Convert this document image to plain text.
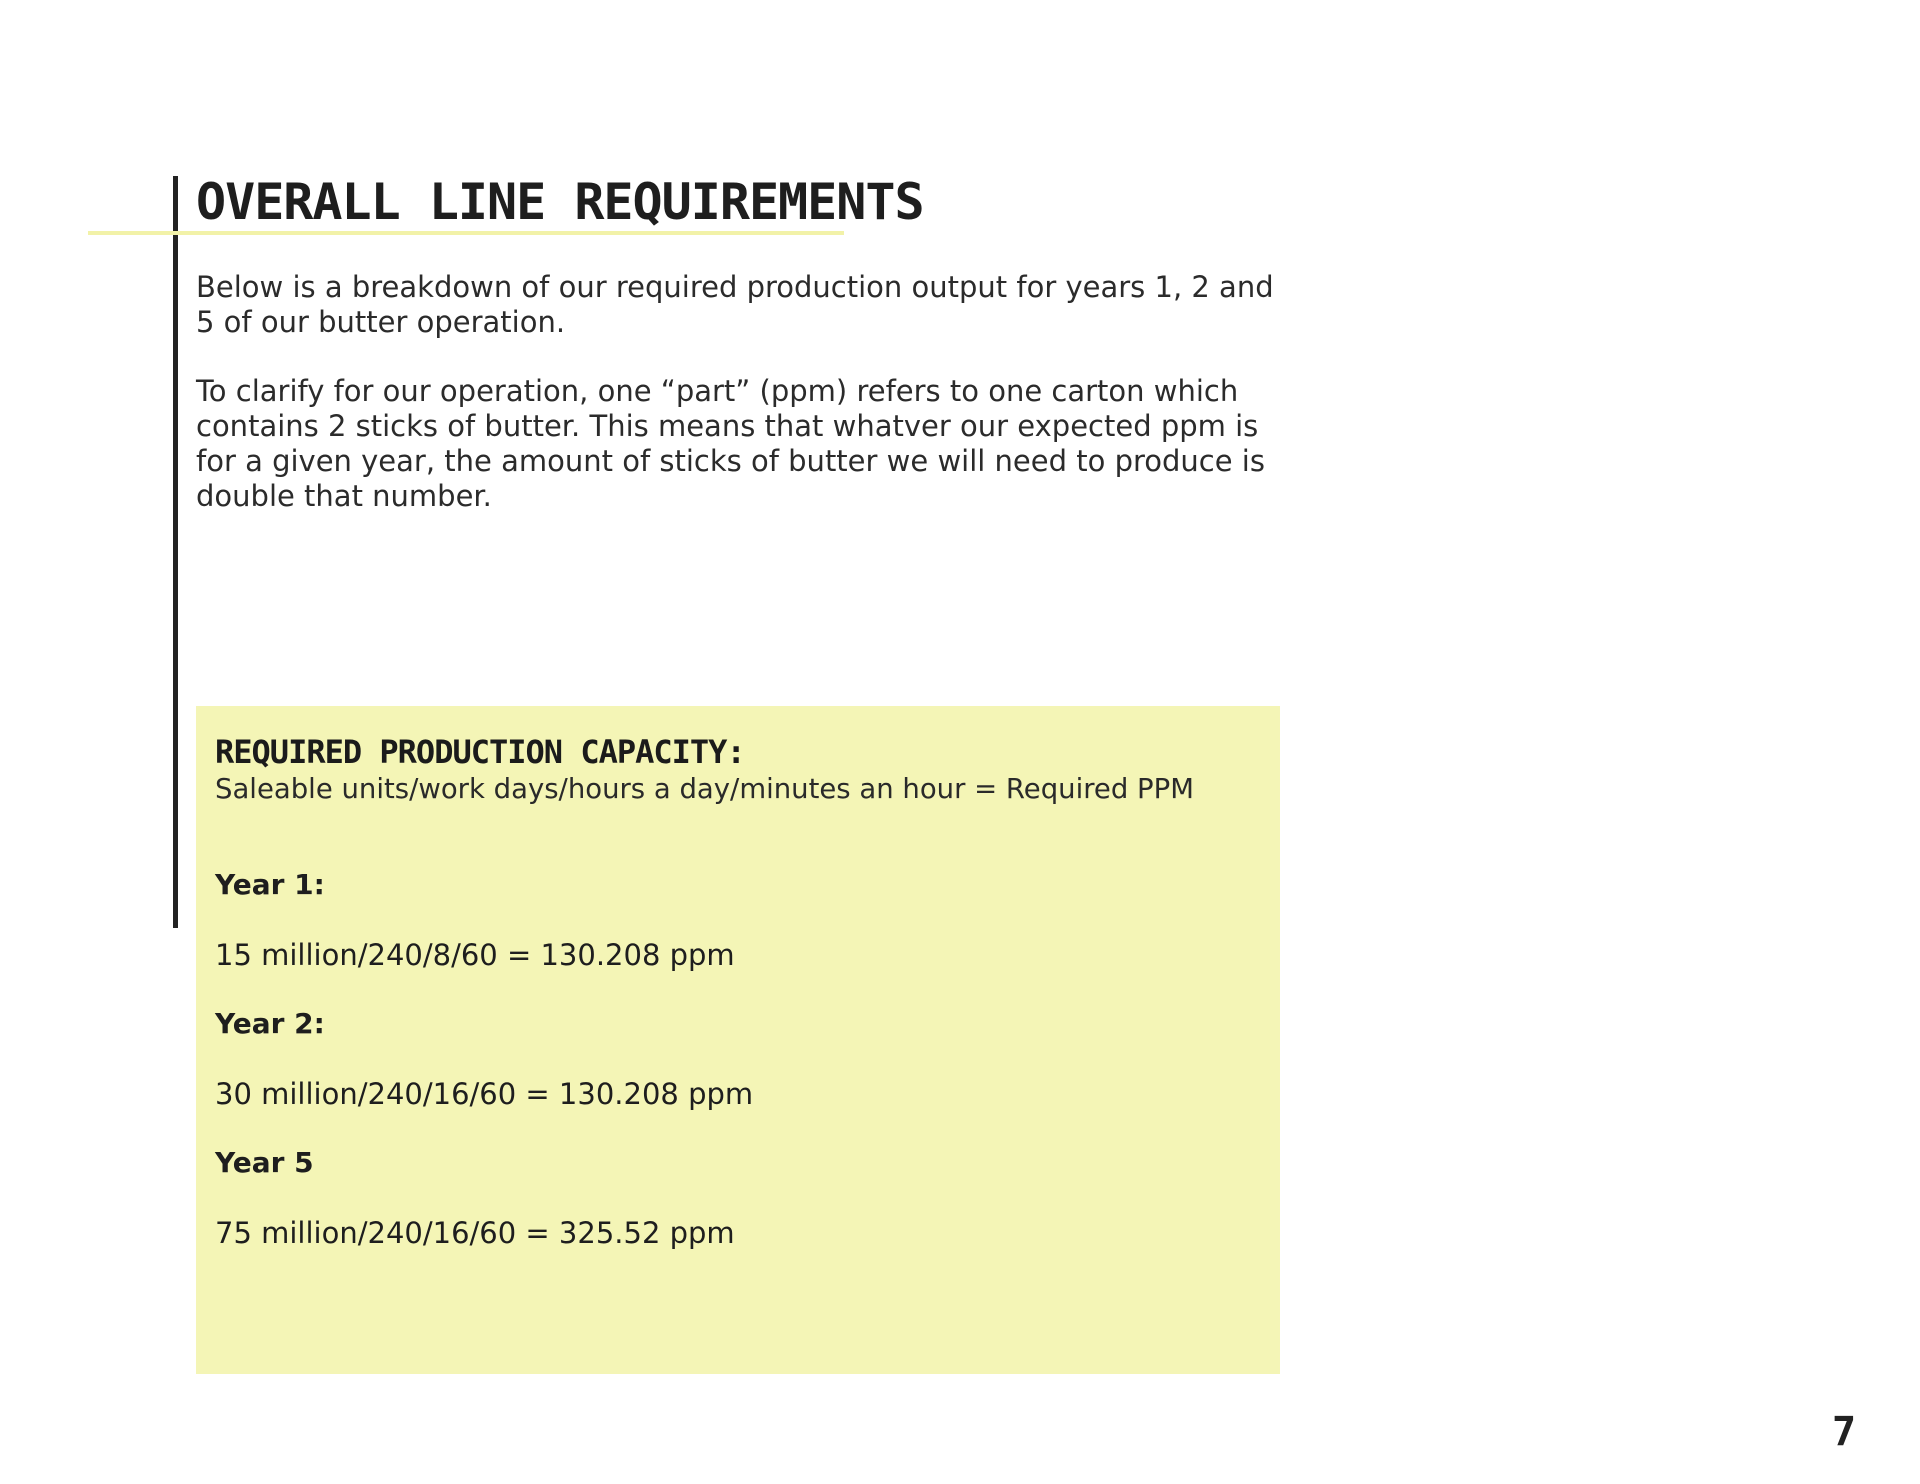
OVERALL LINE REQUIREMENTS

Below is a breakdown of our required production output for years 1, 2 and
5 of our butter operation.

To clarify for our operation, one “part” (ppm) refers to one carton which
contains 2 sticks of butter. This means that whatver our expected ppm is
for a given year, the amount of sticks of butter we will need to produce is
double that number.

REQUIRED PRODUCTION CAPACITY:

Saleable units/work days/hours a day/minutes an hour = Required PPM

Year 1:

15 million/240/8/60 = 130.208 ppm

Year 2:

30 million/240/16/60 = 130.208 ppm

Year 5

75 million/240/16/60 = 325.52 ppm

7
